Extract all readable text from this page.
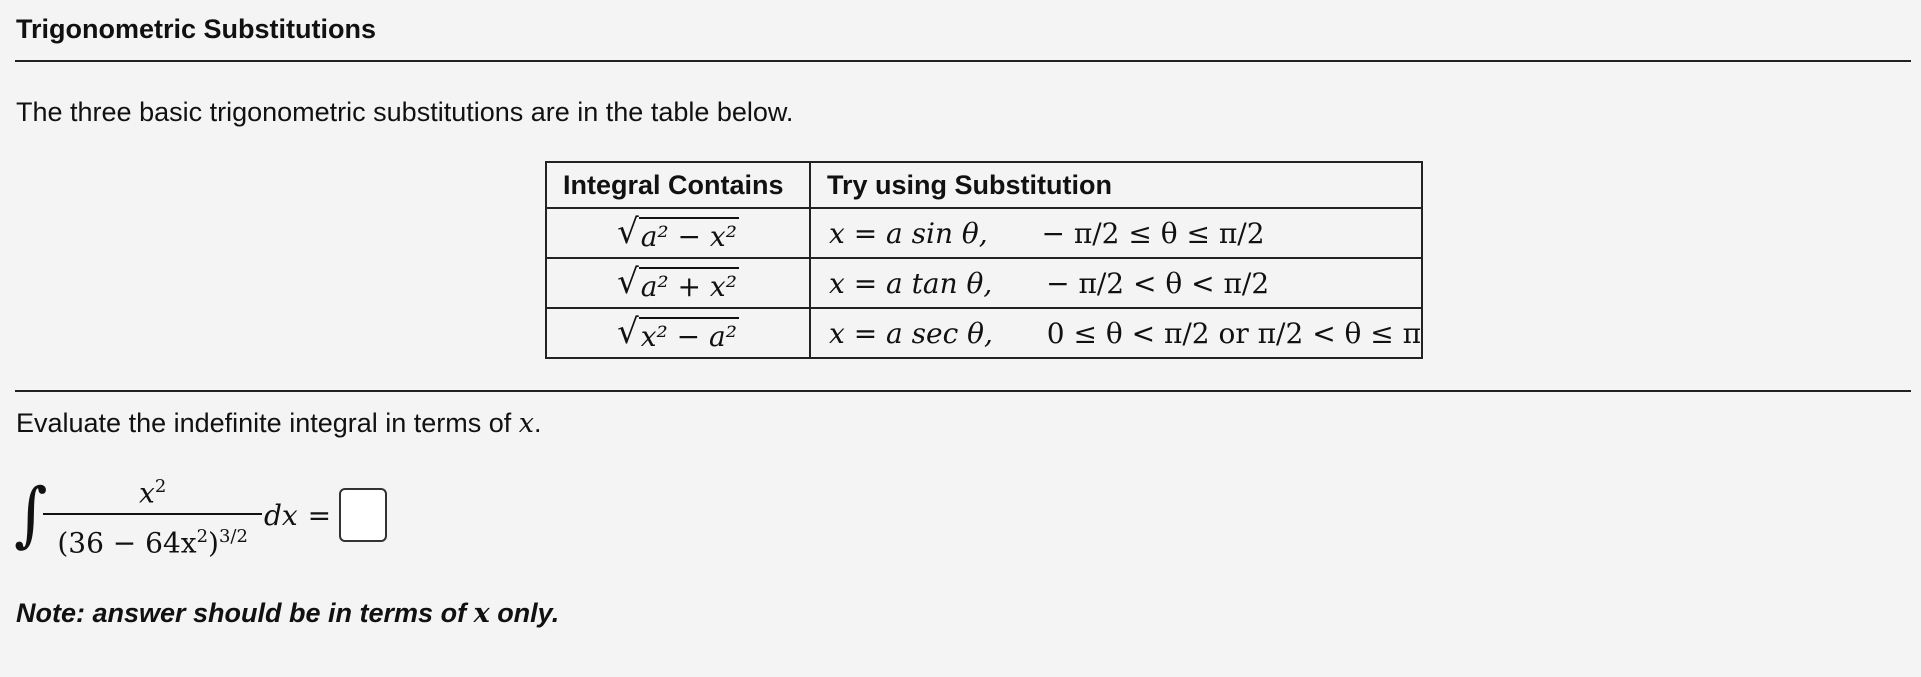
Trigonometric Substitutions
The three basic trigonometric substitutions are in the table below.
Integral Contains	Try using Substitution

√ a² − x²	x = a sin θ, − π/2 ≤ θ ≤ π/2

√ a² + x²	x = a tan θ, − π/2 < θ < π/2

√ x² − a²	x = a sec θ, 0 ≤ θ < π/2 or π/2 < θ ≤ π
Evaluate the indefinite integral in terms of x.
∫ $\frac{x^2}{(36 - 64x^2)^{3/2}}$ dx =
Note: answer should be in terms of x only.
